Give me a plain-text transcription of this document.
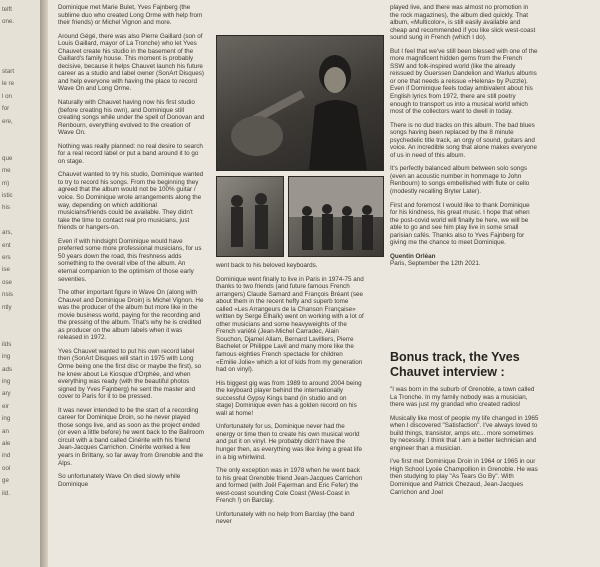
telft
one.
start
le re
l on
for
ere,
que
me
m)
istic
his
ars,
ent
ers
ise
ose
nsis
ntly
ilds
ing
ads
ing
ary
eir
ing
an
ale
ind
ool
ge
ild.

Dominique met Marie Bulet, Yves Fajnberg (the sublime duo who created Long Orme with help from their friends) or Michel Vignon and more.

Around Gégé, there was also Pierre Gaillard (son of Louis Gaillard, mayor of La Tronche) who let Yves Chauvet create his studio in the basement of the Gaillard's family house. This moment is probably decisive, because it helps Chauvet launch his future career as a studio and label owner (SonArt Disques) and help everyone with having the place to record Wave On and Long Orme.

Naturally with Chauvet having now his first studio (before creating his own), and Dominique still creating songs while under the spell of Donovan and Renbourn, everything evolved to the creation of Wave On.

Nothing was really planned: no real desire to search for a real record label or put a band around it to go on stage.

Chauvet wanted to try his studio, Dominique wanted to try to record his songs. From the beginning they agreed that the album would not be 100% guitar / voice. So Dominique wrote arrangements along the way, depending on which additional musicians/friends could be available. They didn't take the time to contact real pro musicians, just friends or hangers-on.

Even if with hindsight Dominique would have preferred some more professional musicians, for us 50 years down the road, this freshness adds something to the overall vibe of the album. An eternal companion to the optimism of those early seventies.

The other important figure in Wave On (along with Chauvet and Dominique Droin) is Michel Vignon. He was the producer of the album but more like in the movie business world, paying for the recording and the pressing of the album. That's why he is credited as producer on the album labels when it was released in 1972.

Yves Chauvet wanted to put his own record label then (SonArt Disques will start in 1975 with Long Orme being one the first disc or maybe the first), so he knew about Le Kiosque d'Orphée, and when everything was ready (with the beautiful photos signed by Yves Fajnberg) he sent the master and cover to Paris for it to be pressed.

It was never intended to be the start of a recording career for Dominique Droin, so he never played those songs live, and as soon as the project ended (or even a little before) he went back to the Ballroom circuit with a band called Cinérite with his friend Jean-Jacques Carrichon. Cinérite worked a few years in Brittany, so far away from Grenoble and the Alps.

So unfortunately Wave On died slowly while Dominique

went back to his beloved keyboards.

Dominique went finally to live in Paris in 1974-75 and thanks to two friends (and future famous French arrangers) Claude Samard and François Bréant (see about them in the recent hefty and superb tome called «Les Arrangeurs de la Chanson Française» written by Serge Elhaïk) went on working with a lot of other musicians and some heavyweights of the French variété (Jean-Michel Carradec, Alain Souchon, Djamel Allam, Bernard Lavilliers, Pierre Bachelet or Philippe Lavil and many more like the famous eighties French spectacle for children «Emilie Jolie» which a lot of kids from my generation had on vinyl).

His biggest gig was from 1989 to around 2004 being the keyboard player behind the internationally successful Gypsy Kings band (in studio and on stage) Dominique even has a golden record on his wall at home!

Unfortunately for us, Dominique never had the energy or time then to create his own musical world and put it on vinyl. He probably didn't have the hunger then, as everything was like living a great life in a big whirlwind.

The only exception was in 1978 when he went back to his great Grenoble friend Jean-Jacques Carrichon and formed (with Joël Fajerman and Eric Fefer) the west-coast sounding Cole Coast (West-Coast in French !) on Barclay.

Unfortunately with no help from Barclay (the band never

played live, and there was almost no promotion in the rock magazines), the album died quickly. That album, «Multicolor», is still easily available and cheap and recommended if you like slick west-coast sound sung in French (which I do).

But I feel that we've still been blessed with one of the more magnificent hidden gems from the French SSW and folk-inspired world (like the already reissued by Guerssen Dandelion and Warlus albums or one that needs a reissue «Helena» by Puzzle). Even if Dominique feels today ambivalent about his English lyrics from 1972, there are still poetry enough to transport us into a musical world which most of the collectors want to dwell in today.

There is no dud tracks on this album. The bad blues songs having been replaced by the 8 minute psychedelic title track, an orgy of sound, guitars and voice. An incredible song that alone makes everyone of us in need of this album.

It's perfectly balanced album between solo songs (even an acoustic number in hommage to John Renbourn) to songs embellished with flute or cello (modestly recalling Bryter Later).

First and foremost I would like to thank Dominique for his kindness, his great music. I hope that when the post-covid world will finally be here, we will be able to go and see him play live in some small parisian cafés. Thanks also to Yves Fajnberg for giving me the chance to meet Dominique.

Quentin Orléan

Paris, September the 12th 2021.

Bonus track, the Yves Chauvet interview :

"I was born in the suburb of Grenoble, a town called La Tronche. In my family nobody was a musician, there was just my grandad who created radios!

Musically like most of people my life changed in 1965 when I discovered "Satisfaction". I've always loved to build things, transistor, amps etc... more sometimes by necessity. I think that I am a better technician and engineer than a musician.

I've first met Dominique Droin in 1964 or 1965 in our High School Lycée Champollion in Grenoble. He was then studying to play "As Tears Go By". With Dominique and Patrick Chezaud, Jean-Jacques Carrichon and Joel
